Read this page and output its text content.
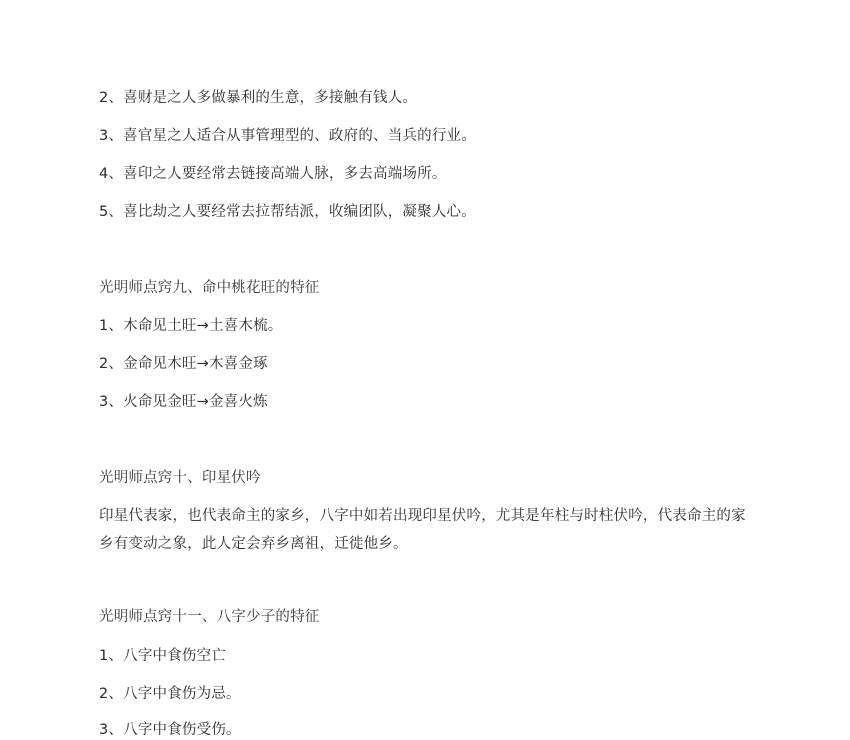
2、喜财是之人多做暴利的生意，多接触有钱人。
3、喜官星之人适合从事管理型的、政府的、当兵的行业。
4、喜印之人要经常去链接高端人脉，多去高端场所。
5、喜比劫之人要经常去拉帮结派，收编团队，凝聚人心。
光明师点窍九、命中桃花旺的特征
1、木命见土旺→土喜木梳。
2、金命见木旺→木喜金琢
3、火命见金旺→金喜火炼
光明师点窍十、印星伏吟
印星代表家，也代表命主的家乡，八字中如若出现印星伏吟，尤其是年柱与时柱伏吟，代表命主的家乡有变动之象，此人定会弃乡离祖，迁徙他乡。
光明师点窍十一、八字少子的特征
1、八字中食伤空亡
2、八字中食伤为忌。
3、八字中食伤受伤。
